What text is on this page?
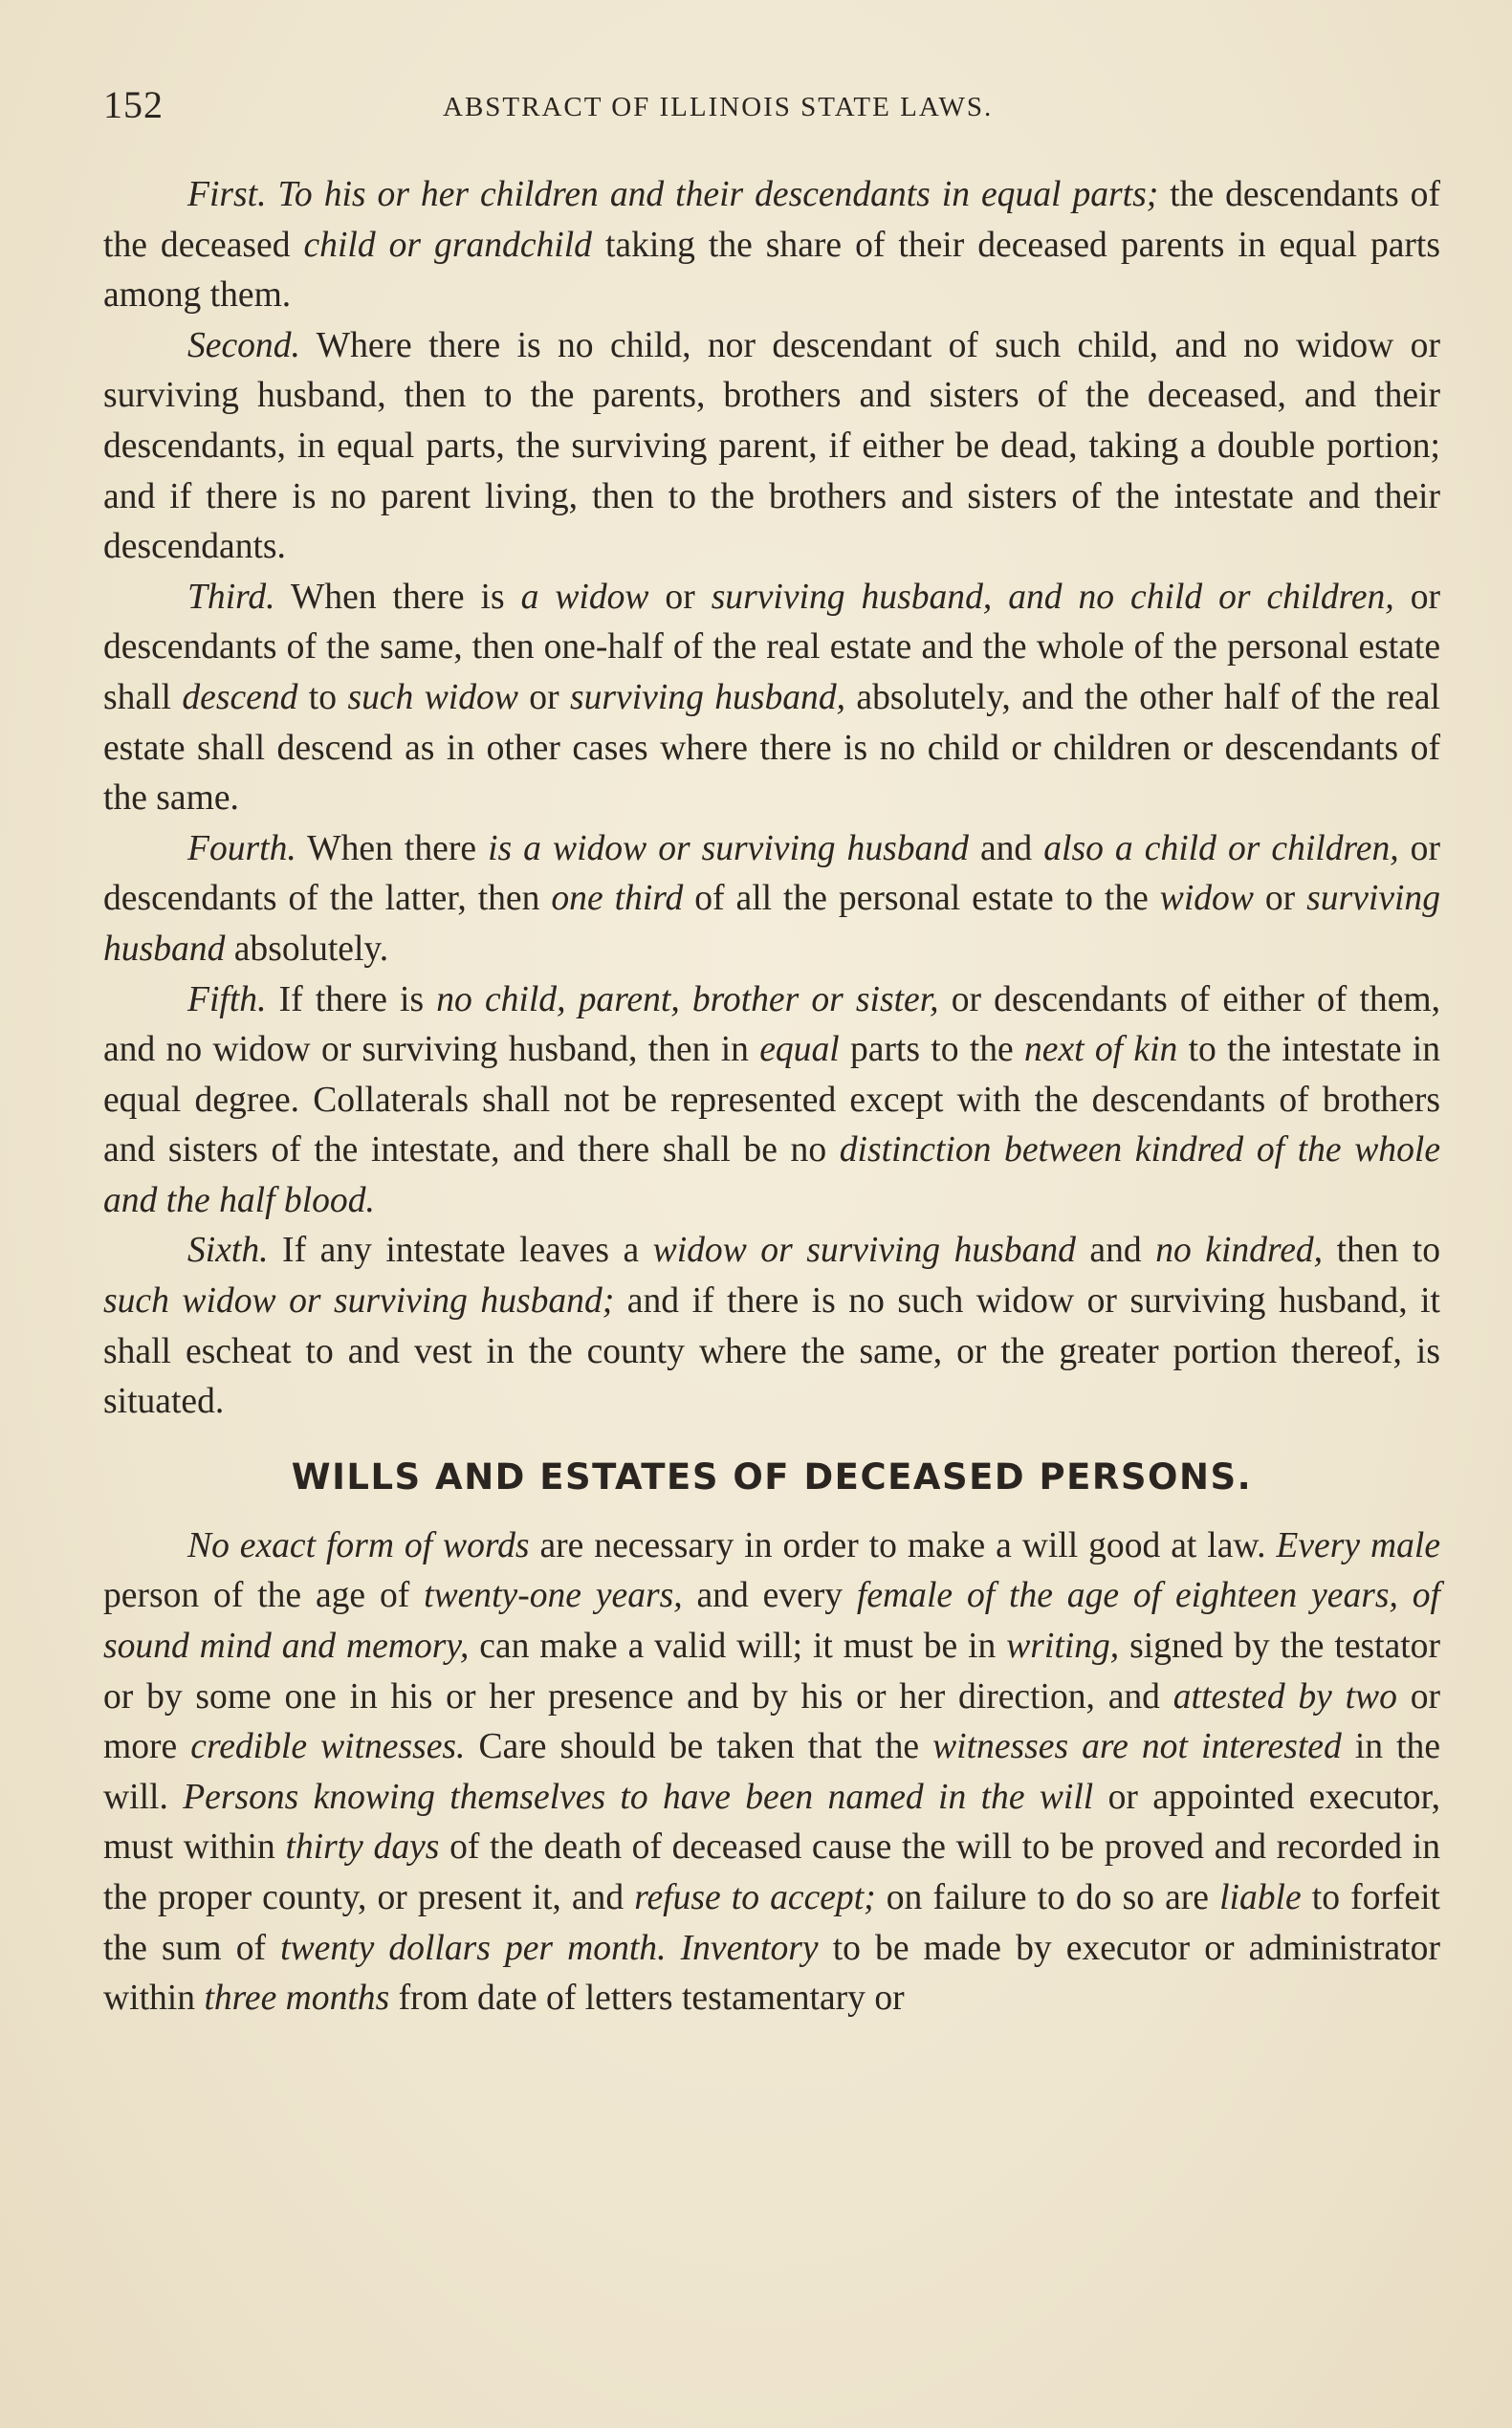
152	ABSTRACT OF ILLINOIS STATE LAWS.

First. To his or her children and their descendants in equal parts; the descendants of the deceased child or grandchild taking the share of their deceased parents in equal parts among them.

Second. Where there is no child, nor descendant of such child, and no widow or surviving husband, then to the parents, brothers and sisters of the deceased, and their descendants, in equal parts, the surviving parent, if either be dead, taking a double portion; and if there is no parent living, then to the brothers and sisters of the intestate and their descendants.

Third. When there is a widow or surviving husband, and no child or children, or descendants of the same, then one-half of the real estate and the whole of the personal estate shall descend to such widow or surviving husband, absolutely, and the other half of the real estate shall descend as in other cases where there is no child or children or descendants of the same.

Fourth. When there is a widow or surviving husband and also a child or children, or descendants of the latter, then one third of all the personal estate to the widow or surviving husband absolutely.

Fifth. If there is no child, parent, brother or sister, or descendants of either of them, and no widow or surviving husband, then in equal parts to the next of kin to the intestate in equal degree. Collaterals shall not be represented except with the descendants of brothers and sisters of the intestate, and there shall be no distinction between kindred of the whole and the half blood.

Sixth. If any intestate leaves a widow or surviving husband and no kindred, then to such widow or surviving husband; and if there is no such widow or surviving husband, it shall escheat to and vest in the county where the same, or the greater portion thereof, is situated.

WILLS AND ESTATES OF DECEASED PERSONS.

No exact form of words are necessary in order to make a will good at law. Every male person of the age of twenty-one years, and every female of the age of eighteen years, of sound mind and memory, can make a valid will; it must be in writing, signed by the testator or by some one in his or her presence and by his or her direction, and attested by two or more credible witnesses. Care should be taken that the witnesses are not interested in the will. Persons knowing themselves to have been named in the will or appointed executor, must within thirty days of the death of deceased cause the will to be proved and recorded in the proper county, or present it, and refuse to accept; on failure to do so are liable to forfeit the sum of twenty dollars per month. Inventory to be made by executor or administrator within three months from date of letters testamentary or
